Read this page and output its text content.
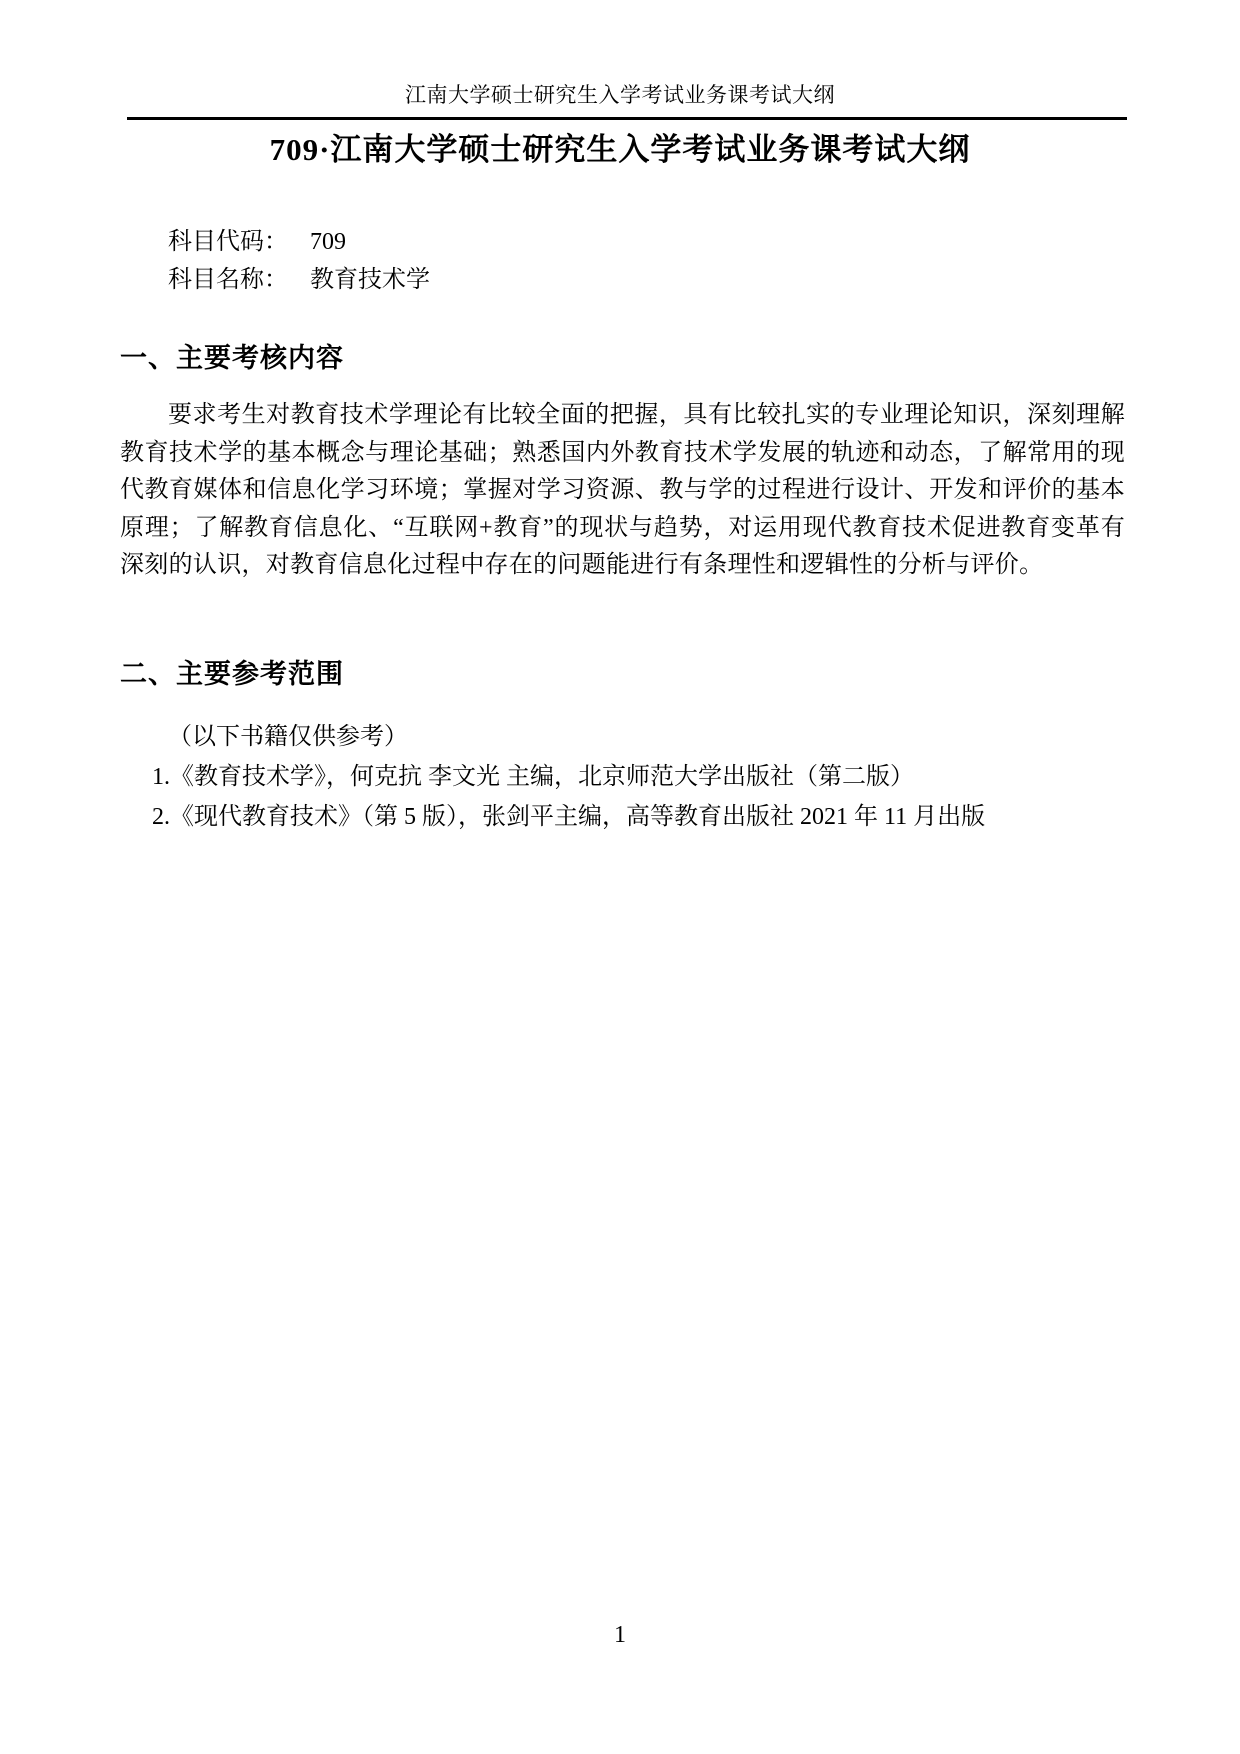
江南大学硕士研究生入学考试业务课考试大纲
709·江南大学硕士研究生入学考试业务课考试大纲
科目代码： 709
科目名称： 教育技术学
一、主要考核内容

要求考生对教育技术学理论有比较全面的把握，具有比较扎实的专业理论知识，深刻理解教育技术学的基本概念与理论基础；熟悉国内外教育技术学发展的轨迹和动态，了解常用的现代教育媒体和信息化学习环境；掌握对学习资源、教与学的过程进行设计、开发和评价的基本原理；了解教育信息化、“互联网+教育”的现状与趋势，对运用现代教育技术促进教育变革有深刻的认识，对教育信息化过程中存在的问题能进行有条理性和逻辑性的分析与评价。

二、主要参考范围

（以下书籍仅供参考）

1.《教育技术学》，何克抗 李文光 主编，北京师范大学出版社（第二版）

2.《现代教育技术》（第 5 版），张剑平主编，高等教育出版社 2021 年 11 月出版

1
